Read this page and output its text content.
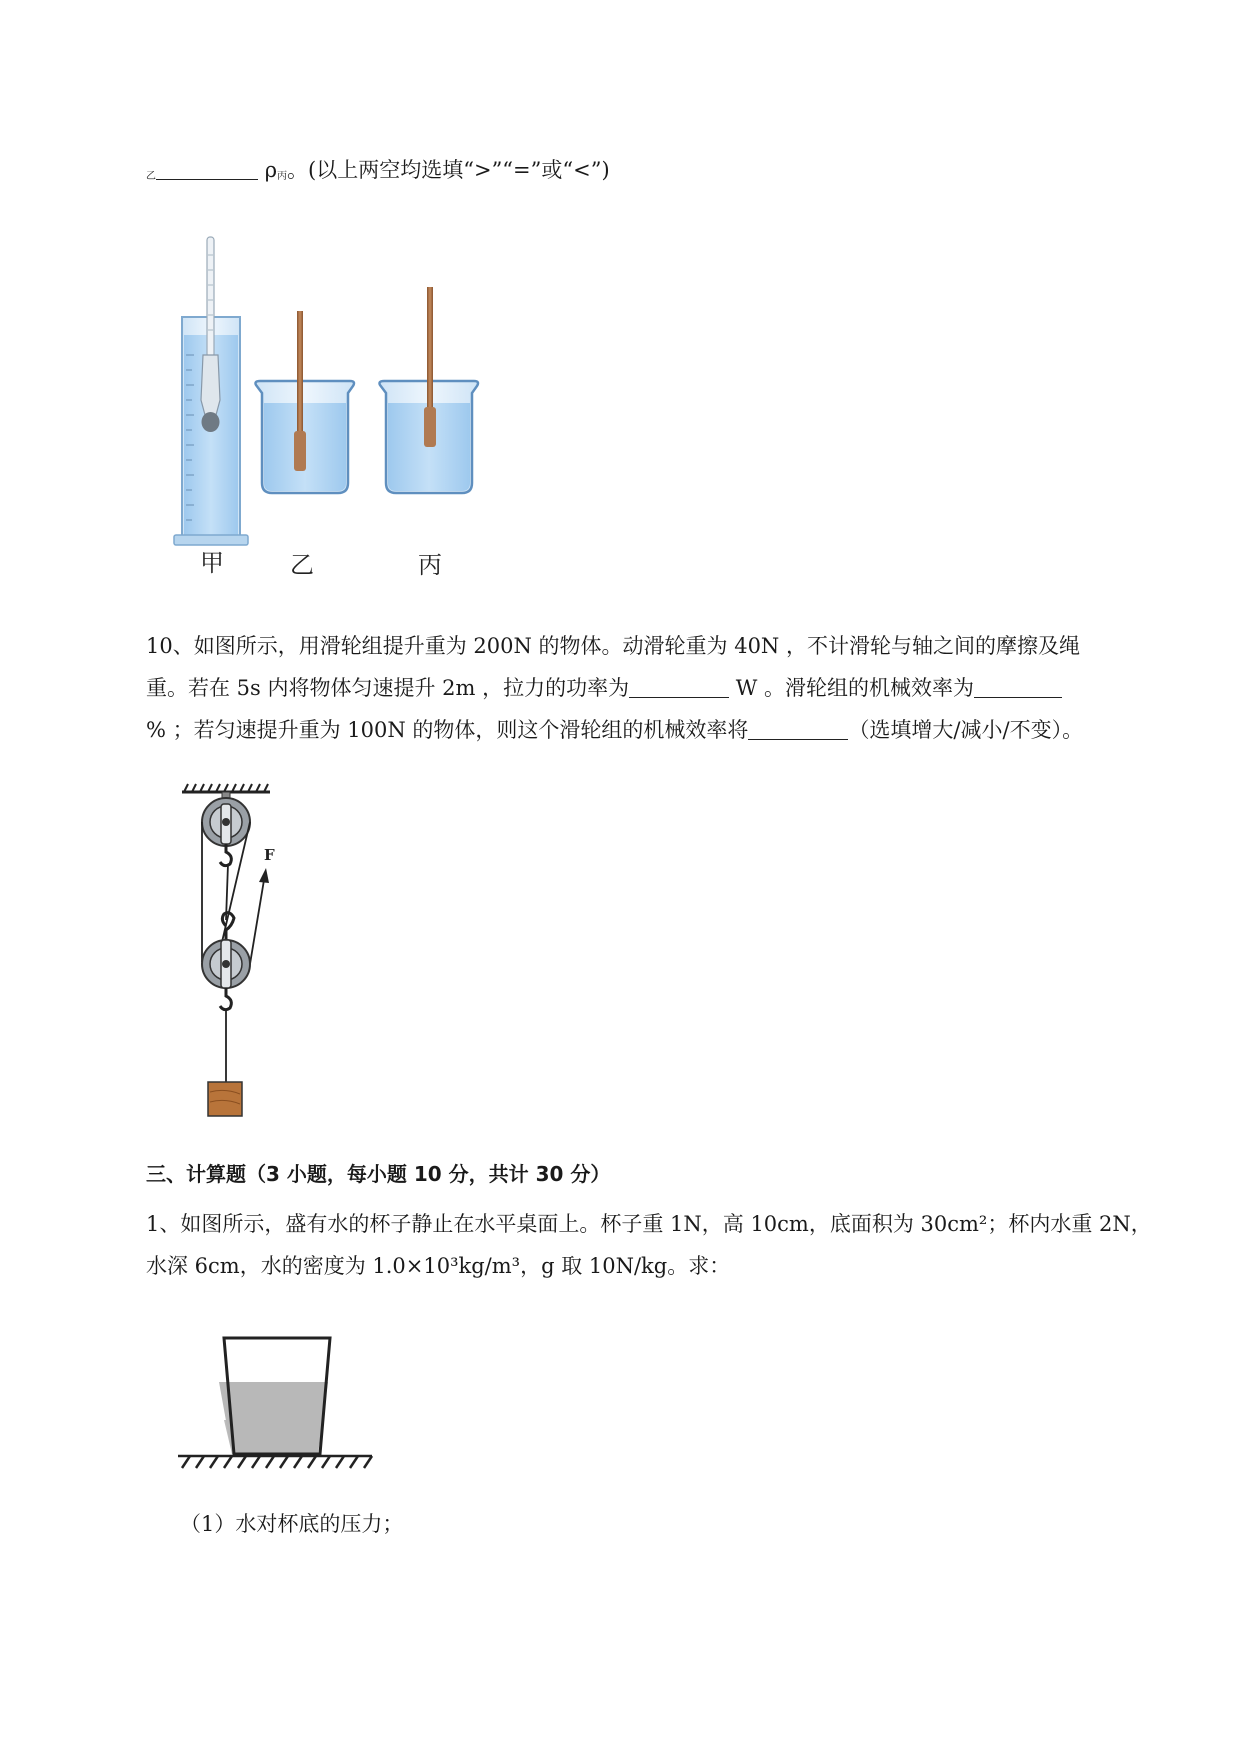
$_乙$	$\rho_丙$。(以上两空均选填“>”“=”或“<”)
甲	乙	丙
10、如图所示，用滑轮组提升重为 200N 的物体。动滑轮重为 40N ，不计滑轮与轴之间的摩擦及绳
重。若在 5s 内将物体匀速提升 2m ，拉力的功率为	W 。滑轮组的机械效率为
% ；若匀速提升重为 100N 的物体，则这个滑轮组的机械效率将	（选填增大/减小/不变）。
F
三、计算题（3 小题，每小题 10 分，共计 30 分）
1、如图所示，盛有水的杯子静止在水平桌面上。杯子重 1N，高 10cm，底面积为 30cm²；杯内水重 2N，
水深 6cm，水的密度为 1.0×10³kg/m³，g 取 10N/kg。求：
（1）水对杯底的压力；
